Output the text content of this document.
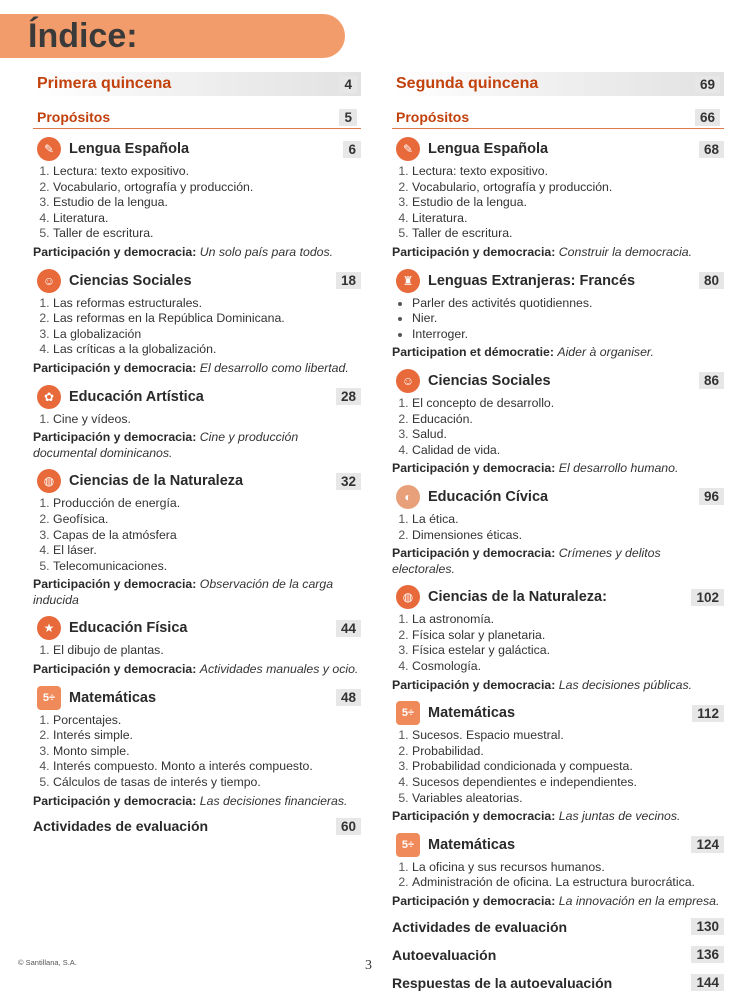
Índice:
Primera quincena	4
Propósitos	5
✎	Lengua Española	6
1. Lectura: texto expositivo.
2. Vocabulario, ortografía y producción.
3. Estudio de la lengua.
4. Literatura.
5. Taller de escritura.
Participación y democracia: Un solo país para todos.
☺ Ciencias Sociales	18
1. Las reformas estructurales.
2. Las reformas en la República Dominicana.
3. La globalización
4. Las críticas a la globalización.
Participación y democracia: El desarrollo como libertad.
✿	Educación Artística	28
1. Cine y vídeos.
Participación y democracia: Cine y producción documental dominicanos.
◍	Ciencias de la Naturaleza	32
1. Producción de energía.
2. Geofísica.
3. Capas de la atmósfera
4. El láser.
5. Telecomunicaciones.
Participación y democracia: Observación de la carga inducida
★	Educación Física	44
1. El dibujo de plantas.
Participación y democracia: Actividades manuales y ocio.
5÷ Matemáticas	48
1. Porcentajes.
2. Interés simple.
3. Monto simple.
4. Interés compuesto. Monto a interés compuesto.
5. Cálculos de tasas de interés y tiempo.
Participación y democracia: Las decisiones financieras.
Actividades de evaluación	60
Segunda quincena	69
Propósitos	66
✎	Lengua Española	68
1. Lectura: texto expositivo.
2. Vocabulario, ortografía y producción.
3. Estudio de la lengua.
4. Literatura.
5. Taller de escritura.
Participación y democracia: Construir la democracia.
♜	Lenguas Extranjeras: Francés	80
• Parler des activités quotidiennes.
• Nier.
• Interroger.
Participation et démocratie: Aider à organiser.
☺ Ciencias Sociales	86
1. El concepto de desarrollo.
2. Educación.
3. Salud.
4. Calidad de vida.
Participación y democracia: El desarrollo humano.
◐	Educación Cívica	96
1. La ética.
2. Dimensiones éticas.
Participación y democracia: Crímenes y delitos electorales.
◍	Ciencias de la Naturaleza:	102
1. La astronomía.
2. Física solar y planetaria.
3. Física estelar y galáctica.
4. Cosmología.
Participación y democracia: Las decisiones públicas.
5÷ Matemáticas	112
1. Sucesos. Espacio muestral.
2. Probabilidad.
3. Probabilidad condicionada y compuesta.
4. Sucesos dependientes e independientes.
5. Variables aleatorias.
Participación y democracia: Las juntas de vecinos.
5÷ Matemáticas	124
1. La oficina y sus recursos humanos.
2. Administración de oficina. La estructura burocrática.
Participación y democracia: La innovación en la empresa.
Actividades de evaluación	130
Autoevaluación	136
Respuestas de la autoevaluación	144
© Santillana, S.A.	3
